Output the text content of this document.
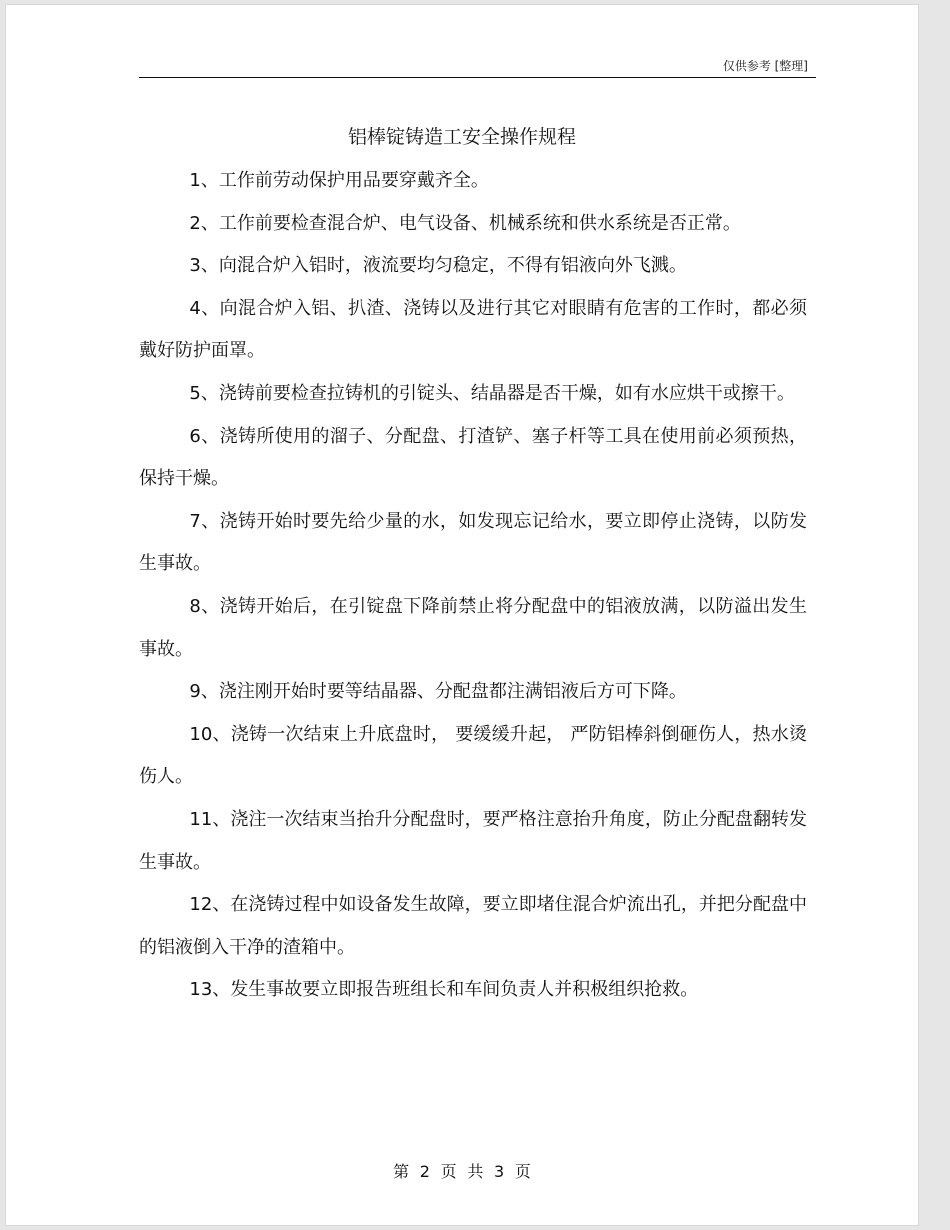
仅供参考 [整理]
铝棒锭铸造工安全操作规程

1、工作前劳动保护用品要穿戴齐全。

2、工作前要检查混合炉、电气设备、机械系统和供水系统是否正常。

3、向混合炉入铝时，液流要均匀稳定，不得有铝液向外飞溅。

4、向混合炉入铝、扒渣、浇铸以及进行其它对眼睛有危害的工作时，都必须戴好防护面罩。

5、浇铸前要检查拉铸机的引锭头、结晶器是否干燥，如有水应烘干或擦干。

6、浇铸所使用的溜子、分配盘、打渣铲、塞子杆等工具在使用前必须预热，保持干燥。

7、浇铸开始时要先给少量的水，如发现忘记给水，要立即停止浇铸，以防发生事故。

8、浇铸开始后，在引锭盘下降前禁止将分配盘中的铝液放满，以防溢出发生事故。

9、浇注刚开始时要等结晶器、分配盘都注满铝液后方可下降。

10、浇铸一次结束上升底盘时， 要缓缓升起， 严防铝棒斜倒砸伤人，热水烫伤人。

11、浇注一次结束当抬升分配盘时，要严格注意抬升角度，防止分配盘翻转发生事故。

12、在浇铸过程中如设备发生故障，要立即堵住混合炉流出孔，并把分配盘中的铝液倒入干净的渣箱中。

13、发生事故要立即报告班组长和车间负责人并积极组织抢救。

第 2 页 共 3 页
